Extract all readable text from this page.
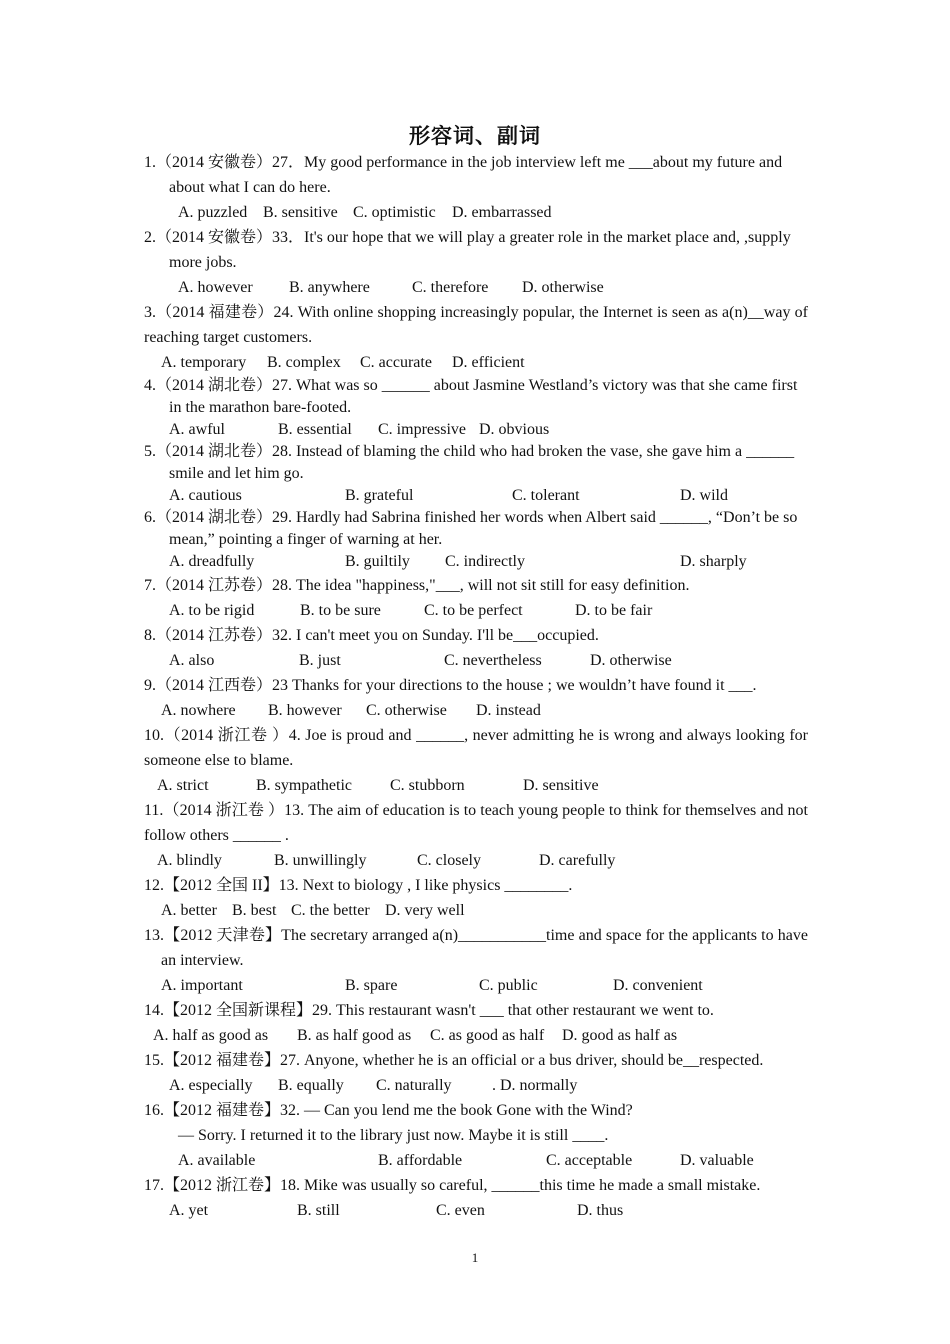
形容词、副词
1.（2014 安徽卷）27．My good performance in the job interview left me ___about my future and about what I can do here.
A. puzzled B. sensitive C. optimistic D. embarrassed
2.（2014 安徽卷）33．It's our hope that we will play a greater role in the market place and, ,supply more jobs.
A. however B. anywhere	C. therefore D. otherwise
3.（2014 福建卷）24. With online shopping increasingly popular, the Internet is seen as a(n)__way of reaching target customers.
A. temporary B. complex C. accurate D. efficient
4.（2014 湖北卷）27. What was so ______ about Jasmine Westland’s victory was that she came first in the marathon bare-footed.
A. awful	B. essential C. impressive D. obvious
5.（2014 湖北卷）28. Instead of blaming the child who had broken the vase, she gave him a ______ smile and let him go.
A. cautious	B. grateful	C. tolerant	D. wild
6.（2014 湖北卷）29. Hardly had Sabrina finished her words when Albert said ______, “Don’t be so mean,” pointing a finger of warning at her.
A. dreadfully	B. guiltily C. indirectly	D. sharply
7.（2014 江苏卷）28. The idea "happiness,"___, will not sit still for easy definition.
A. to be rigid	B. to be sure	C. to be perfect	D. to be fair
8.（2014 江苏卷）32. I can't meet you on Sunday. I'll be___occupied.
A. also	B. just	C. nevertheless	D. otherwise
9.（2014 江西卷）23 Thanks for your directions to the house ; we wouldn’t have found it ___.
A. nowhere B. however C. otherwise D. instead
10.（2014 浙江卷 ）4. Joe is proud and ______, never admitting he is wrong and always looking for someone else to blame.
A. strict	B. sympathetic C. stubborn	D. sensitive
11.（2014 浙江卷 ）13. The aim of education is to teach young people to think for themselves and not follow others ______ .
A. blindly	B. unwillingly	C. closely	D. carefully
12.【2012 全国 II】13. Next to biology , I like physics ________.
A. better B. best C. the better D. very well
13.【2012 天津卷】The secretary arranged a(n)___________time and space for the applicants to have an interview.
A. important	B. spare	C. public	D. convenient
14.【2012 全国新课程】29. This restaurant wasn't ___ that other restaurant we went to.
A. half as good as B. as half good as C. as good as half D. good as half as
15.【2012 福建卷】27. Anyone, whether he is an official or a bus driver, should be__respected.
A. especially B. equally C. naturally	. D. normally
16.【2012 福建卷】32. — Can you lend me the book Gone with the Wind?
— Sorry. I returned it to the library just now. Maybe it is still ____.
A. available	B. affordable	C. acceptable	D. valuable
17.【2012 浙江卷】18. Mike was usually so careful, ______this time he made a small mistake.
A. yet	B. still	C. even	D. thus
1
